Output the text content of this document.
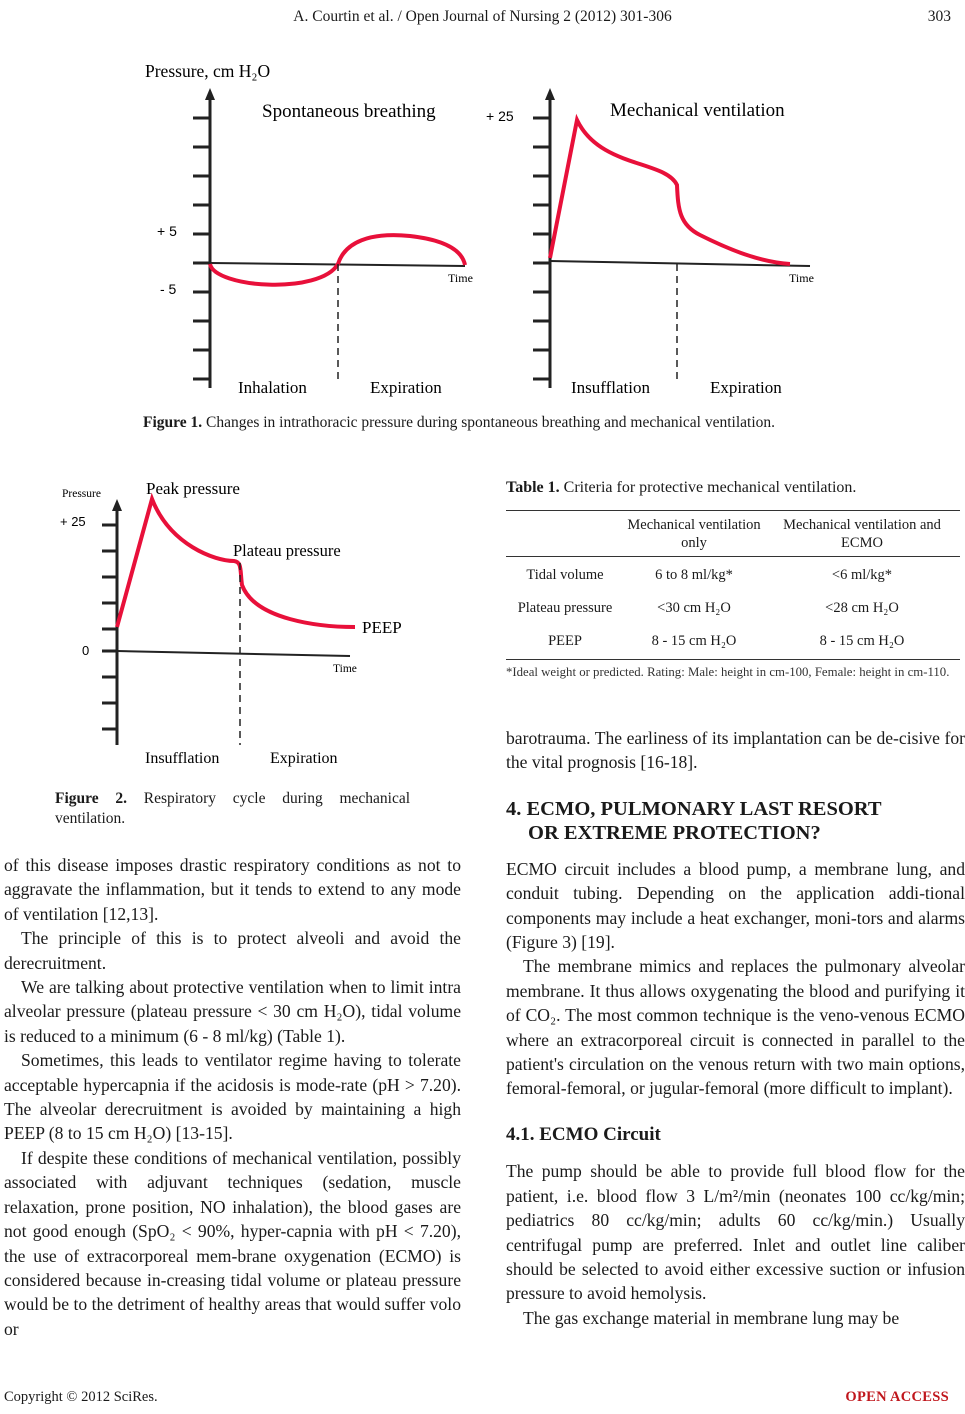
A. Courtin et al. / Open Journal of Nursing 2 (2012) 301-306	303
Pressure, cm H₂O
Time
Spontaneous breathing
+ 5
- 5
Inhalation	Expiration
Time
Mechanical ventilation
+ 25
Insufflation	Expiration
Figure 1. Changes in intrathoracic pressure during spontaneous breathing and mechanical ventilation.
Pressure	Peak pressure
Plateau pressure
PEEP
+ 25
0
Time
Insufflation	Expiration
Figure 2. Respiratory cycle during mechanical ventilation.
Table 1. Criteria for protective mechanical ventilation.
	Mechanical ventilation only	Mechanical ventilation and ECMO
Tidal volume	6 to 8 ml/kg*	<6 ml/kg*
Plateau pressure	<30 cm H₂O	<28 cm H₂O
PEEP	8 - 15 cm H₂O	8 - 15 cm H₂O
*Ideal weight or predicted. Rating: Male: height in cm-100, Female: height in cm-110.

of this disease imposes drastic respiratory conditions as not to aggravate the inflammation, but it tends to extend to any mode of ventilation [12,13].

The principle of this is to protect alveoli and avoid the derecruitment.

We are talking about protective ventilation when to limit intra alveolar pressure (plateau pressure < 30 cm H₂O), tidal volume is reduced to a minimum (6 - 8 ml/kg) (Table 1).

Sometimes, this leads to ventilator regime having to tolerate acceptable hypercapnia if the acidosis is mode-rate (pH > 7.20). The alveolar derecruitment is avoided by maintaining a high PEEP (8 to 15 cm H₂O) [13-15].

If despite these conditions of mechanical ventilation, possibly associated with adjuvant techniques (sedation, muscle relaxation, prone position, NO inhalation), the blood gases are not good enough (SpO₂ < 90%, hyper-capnia with pH < 7.20), the use of extracorporeal mem-brane oxygenation (ECMO) is considered because in-creasing tidal volume or plateau pressure would be to the detriment of healthy areas that would suffer volo or

barotrauma. The earliness of its implantation can be de-cisive for the vital prognosis [16-18].

4. ECMO, PULMONARY LAST RESORT
OR EXTREME PROTECTION?

ECMO circuit includes a blood pump, a membrane lung, and conduit tubing. Depending on the application addi-tional components may include a heat exchanger, moni-tors and alarms (Figure 3) [19].

The membrane mimics and replaces the pulmonary alveolar membrane. It thus allows oxygenating the blood and purifying it of CO₂. The most common technique is the veno-venous ECMO where an extracorporeal circuit is connected in parallel to the patient's circulation on the venous return with two main options, femoral-femoral, or jugular-femoral (more difficult to implant).

4.1. ECMO Circuit

The pump should be able to provide full blood flow for the patient, i.e. blood flow 3 L/m²/min (neonates 100 cc/kg/min; pediatrics 80 cc/kg/min; adults 60 cc/kg/min.) Usually centrifugal pump are preferred. Inlet and outlet line caliber should be selected to avoid either excessive suction or infusion pressure to avoid hemolysis.

The gas exchange material in membrane lung may be

Copyright © 2012 SciRes.	OPEN ACCESS
